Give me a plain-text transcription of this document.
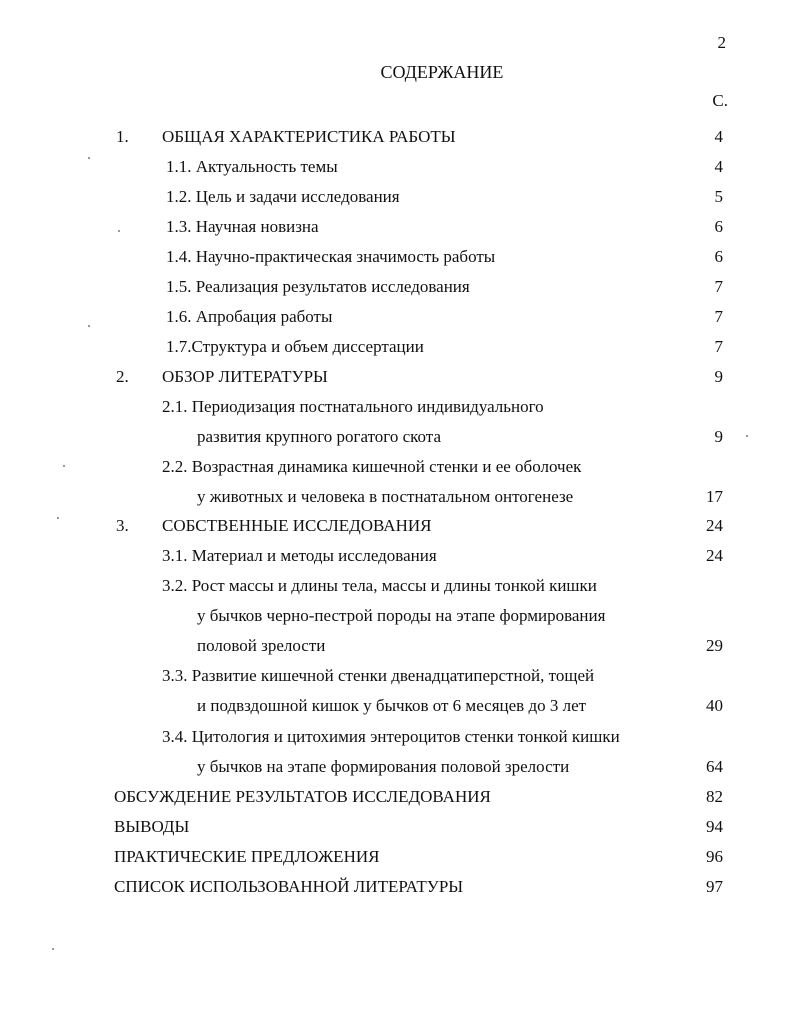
2
СОДЕРЖАНИЕ
С.
1. ОБЩАЯ ХАРАКТЕРИСТИКА РАБОТЫ	4
1.1. Актуальность темы	4
1.2. Цель и задачи исследования	5
1.3. Научная новизна	6
1.4. Научно-практическая значимость работы	6
1.5. Реализация результатов исследования	7
1.6. Апробация работы	7
1.7.Структура и объем диссертации	7
2. ОБЗОР ЛИТЕРАТУРЫ	9
2.1. Периодизация постнатального индивидуального
развития крупного рогатого скота	9
2.2. Возрастная динамика кишечной стенки и ее оболочек
у животных и человека в постнатальном онтогенезе	17
3. СОБСТВЕННЫЕ ИССЛЕДОВАНИЯ	24
3.1. Материал и методы исследования	24
3.2. Рост массы и длины тела, массы и длины тонкой кишки
у бычков черно-пестрой породы на этапе формирования
половой зрелости	29
3.3. Развитие кишечной стенки двенадцатиперстной, тощей
и подвздошной кишок у бычков от 6 месяцев до 3 лет	40
3.4. Цитология и цитохимия энтероцитов стенки тонкой кишки
у бычков на этапе формирования половой зрелости	64
ОБСУЖДЕНИЕ РЕЗУЛЬТАТОВ ИССЛЕДОВАНИЯ	82
ВЫВОДЫ	94
ПРАКТИЧЕСКИЕ ПРЕДЛОЖЕНИЯ	96
СПИСОК ИСПОЛЬЗОВАННОЙ ЛИТЕРАТУРЫ	97
